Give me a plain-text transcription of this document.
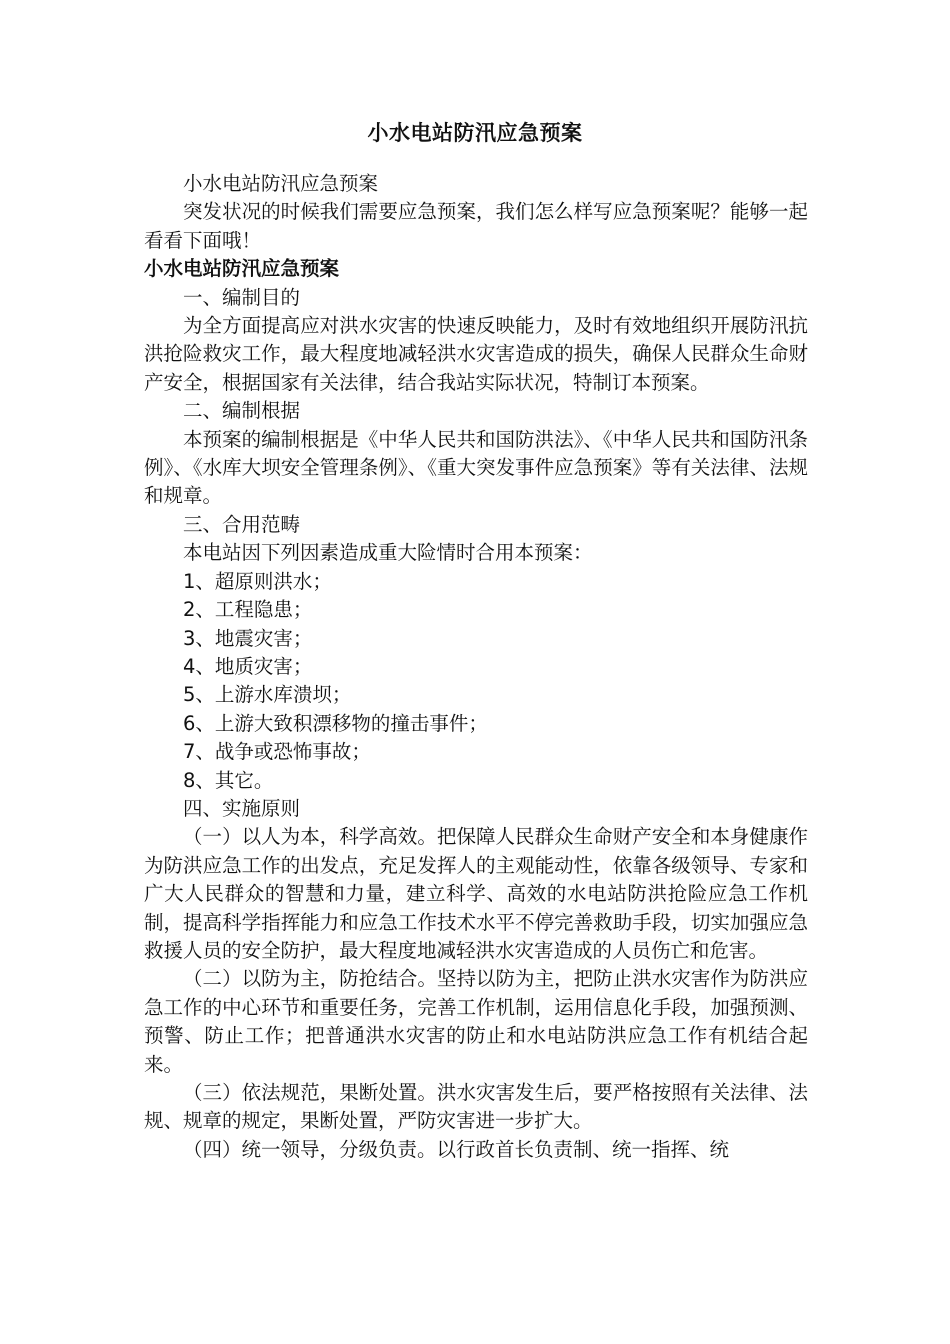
小水电站防汛应急预案

小水电站防汛应急预案

突发状况的时候我们需要应急预案，我们怎么样写应急预案呢？能够一起看看下面哦！

小水电站防汛应急预案

一、编制目的

为全方面提高应对洪水灾害的快速反映能力，及时有效地组织开展防汛抗洪抢险救灾工作，最大程度地减轻洪水灾害造成的损失，确保人民群众生命财产安全，根据国家有关法律，结合我站实际状况，特制订本预案。

二、编制根据

本预案的编制根据是《中华人民共和国防洪法》、《中华人民共和国防汛条例》、《水库大坝安全管理条例》、《重大突发事件应急预案》等有关法律、法规和规章。

三、合用范畴

本电站因下列因素造成重大险情时合用本预案：

1、超原则洪水；

2、工程隐患；

3、地震灾害；

4、地质灾害；

5、上游水库溃坝；

6、上游大致积漂移物的撞击事件；

7、战争或恐怖事故；

8、其它。

四、实施原则

（一）以人为本，科学高效。把保障人民群众生命财产安全和本身健康作为防洪应急工作的出发点，充足发挥人的主观能动性，依靠各级领导、专家和广大人民群众的智慧和力量，建立科学、高效的水电站防洪抢险应急工作机制，提高科学指挥能力和应急工作技术水平不停完善救助手段，切实加强应急救援人员的安全防护，最大程度地减轻洪水灾害造成的人员伤亡和危害。

（二）以防为主，防抢结合。坚持以防为主，把防止洪水灾害作为防洪应急工作的中心环节和重要任务，完善工作机制，运用信息化手段，加强预测、预警、防止工作；把普通洪水灾害的防止和水电站防洪应急工作有机结合起来。

（三）依法规范，果断处置。洪水灾害发生后，要严格按照有关法律、法规、规章的规定，果断处置，严防灾害进一步扩大。

（四）统一领导，分级负责。以行政首长负责制、统一指挥、统
